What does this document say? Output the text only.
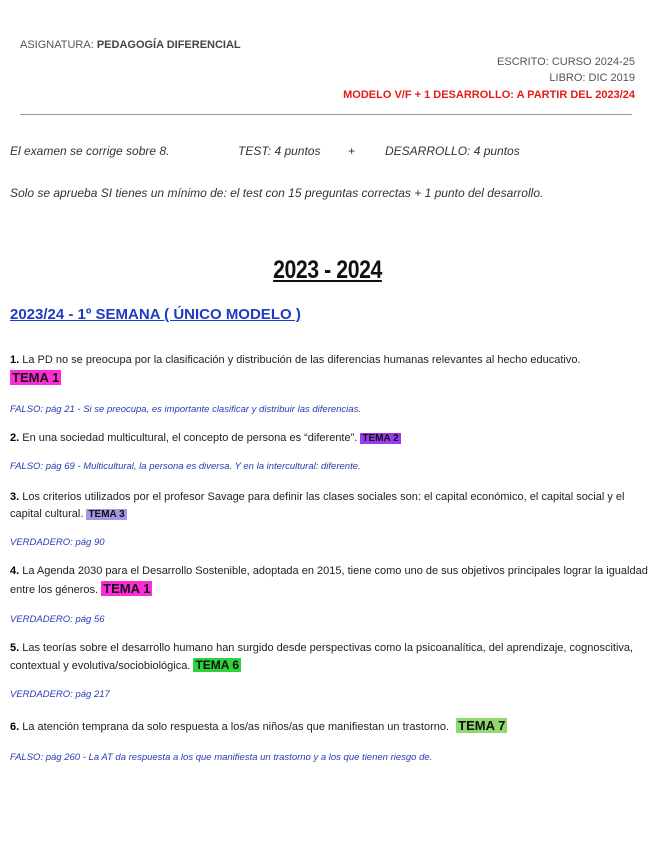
ASIGNATURA: PEDAGOGÍA DIFERENCIAL
ESCRITO: CURSO 2024-25
LIBRO: DIC 2019
MODELO V/F + 1 DESARROLLO: A PARTIR DEL 2023/24
El examen se corrige sobre 8.	TEST: 4 puntos + DESARROLLO: 4 puntos
Solo se aprueba SI tienes un mínimo de: el test con 15 preguntas correctas + 1 punto del desarrollo.
2023 - 2024
2023/24 - 1º SEMANA ( ÚNICO MODELO )
1. La PD no se preocupa por la clasificación y distribución de las diferencias humanas relevantes al hecho educativo.
TEMA 1
FALSO: pág 21 - Si se preocupa, es importante clasificar y distribuir las diferencias.
2. En una sociedad multicultural, el concepto de persona es “diferente”. TEMA 2
FALSO: pág 69 - Multicultural, la persona es diversa. Y en la intercultural: diferente.
3. Los criterios utilizados por el profesor Savage para definir las clases sociales son: el capital económico, el capital social y el capital cultural. TEMA 3
VERDADERO: pág 90
4. La Agenda 2030 para el Desarrollo Sostenible, adoptada en 2015, tiene como uno de sus objetivos principales lograr la igualdad entre los géneros. TEMA 1
VERDADERO: pág 56
5. Las teorías sobre el desarrollo humano han surgido desde perspectivas como la psicoanalítica, del aprendizaje, cognoscitiva, contextual y evolutiva/sociobiológica. TEMA 6
VERDADERO: pág 217
6. La atención temprana da solo respuesta a los/as niños/as que manifiestan un trastorno. TEMA 7
FALSO: pág 260 - La AT da respuesta a los que manifiesta un trastorno y a los que tienen riesgo de.
